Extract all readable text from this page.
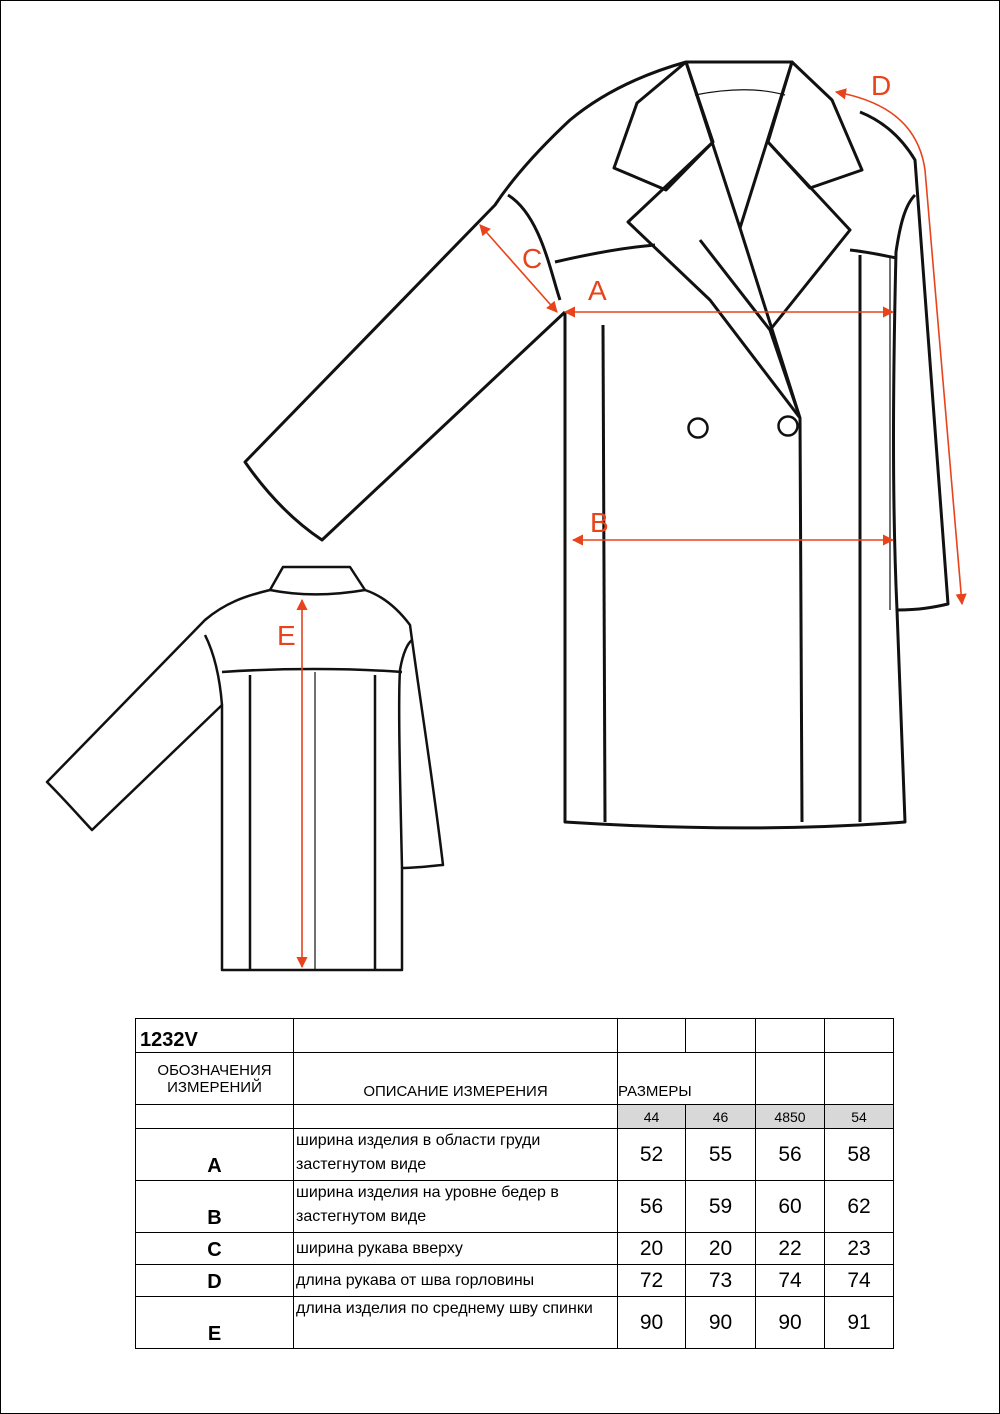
A
B
C
D
E
1232V					
ОБОЗНАЧЕНИЯ ИЗМЕРЕНИЙ	ОПИСАНИЕ ИЗМЕРЕНИЯ	РАЗМЕРЫ			
		44	46	4850	54
A	ширина изделия в области груди застегнутом виде	52	55	56	58
B	ширина изделия на уровне бедер в застегнутом виде	56	59	60	62
C	ширина рукава вверху	20	20	22	23
D	длина рукава от шва горловины	72	73	74	74
E	длина изделия по среднему шву спинки	90	90	90	91
